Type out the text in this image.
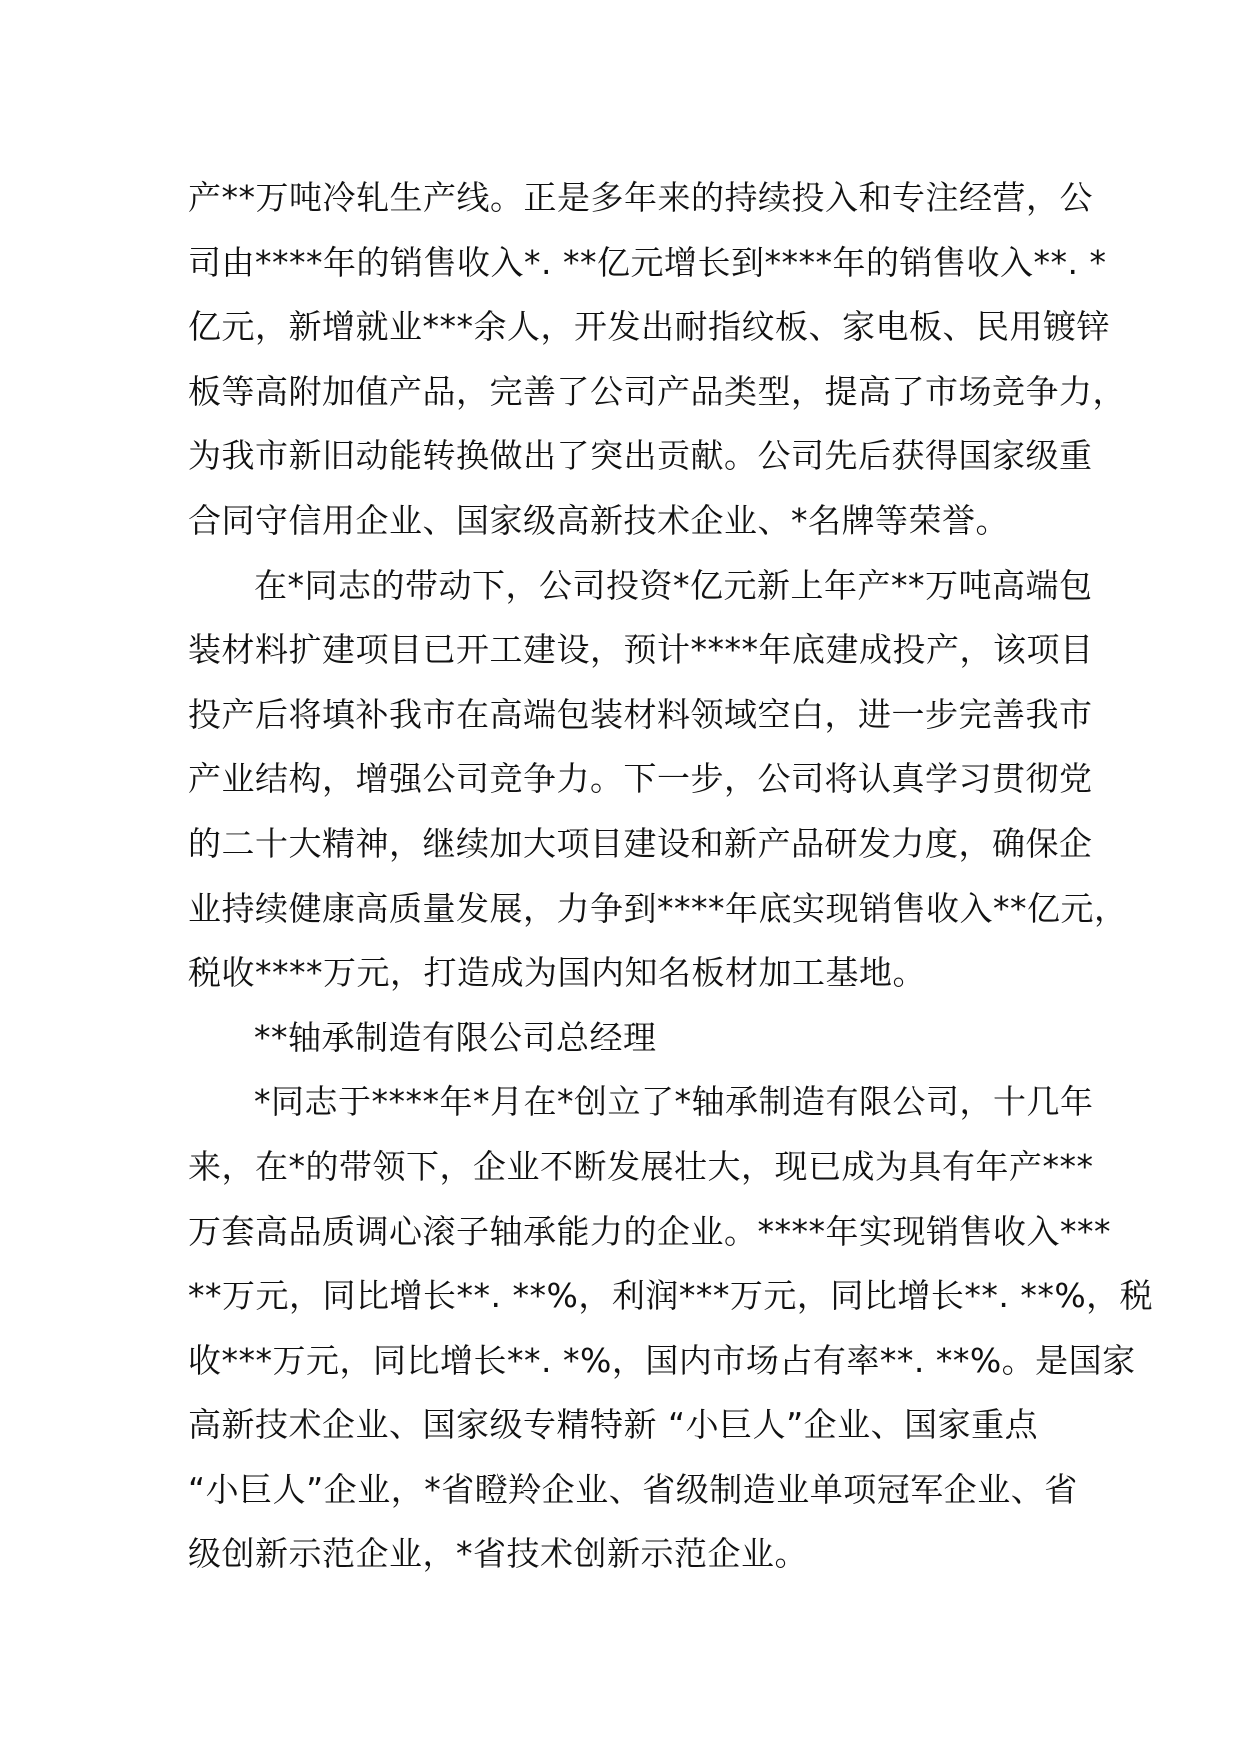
产**万吨冷轧生产线。正是多年来的持续投入和专注经营，公
司由****年的销售收入*. **亿元增长到****年的销售收入**. *
亿元，新增就业***余人，开发出耐指纹板、家电板、民用镀锌
板等高附加值产品，完善了公司产品类型，提高了市场竞争力，
为我市新旧动能转换做出了突出贡献。公司先后获得国家级重
合同守信用企业、国家级高新技术企业、*名牌等荣誉。
在*同志的带动下，公司投资*亿元新上年产**万吨高端包
装材料扩建项目已开工建设，预计****年底建成投产，该项目
投产后将填补我市在高端包装材料领域空白，进一步完善我市
产业结构，增强公司竞争力。下一步，公司将认真学习贯彻党
的二十大精神，继续加大项目建设和新产品研发力度，确保企
业持续健康高质量发展，力争到****年底实现销售收入**亿元，
税收****万元，打造成为国内知名板材加工基地。
**轴承制造有限公司总经理
*同志于****年*月在*创立了*轴承制造有限公司，十几年
来，在*的带领下，企业不断发展壮大，现已成为具有年产***
万套高品质调心滚子轴承能力的企业。****年实现销售收入***
**万元，同比增长**. **%，利润***万元，同比增长**. **%，税
收***万元，同比增长**. *%，国内市场占有率**. **%。是国家
高新技术企业、国家级专精特新 “小巨人”企业、国家重点
“小巨人”企业，*省瞪羚企业、省级制造业单项冠军企业、省
级创新示范企业，*省技术创新示范企业。
